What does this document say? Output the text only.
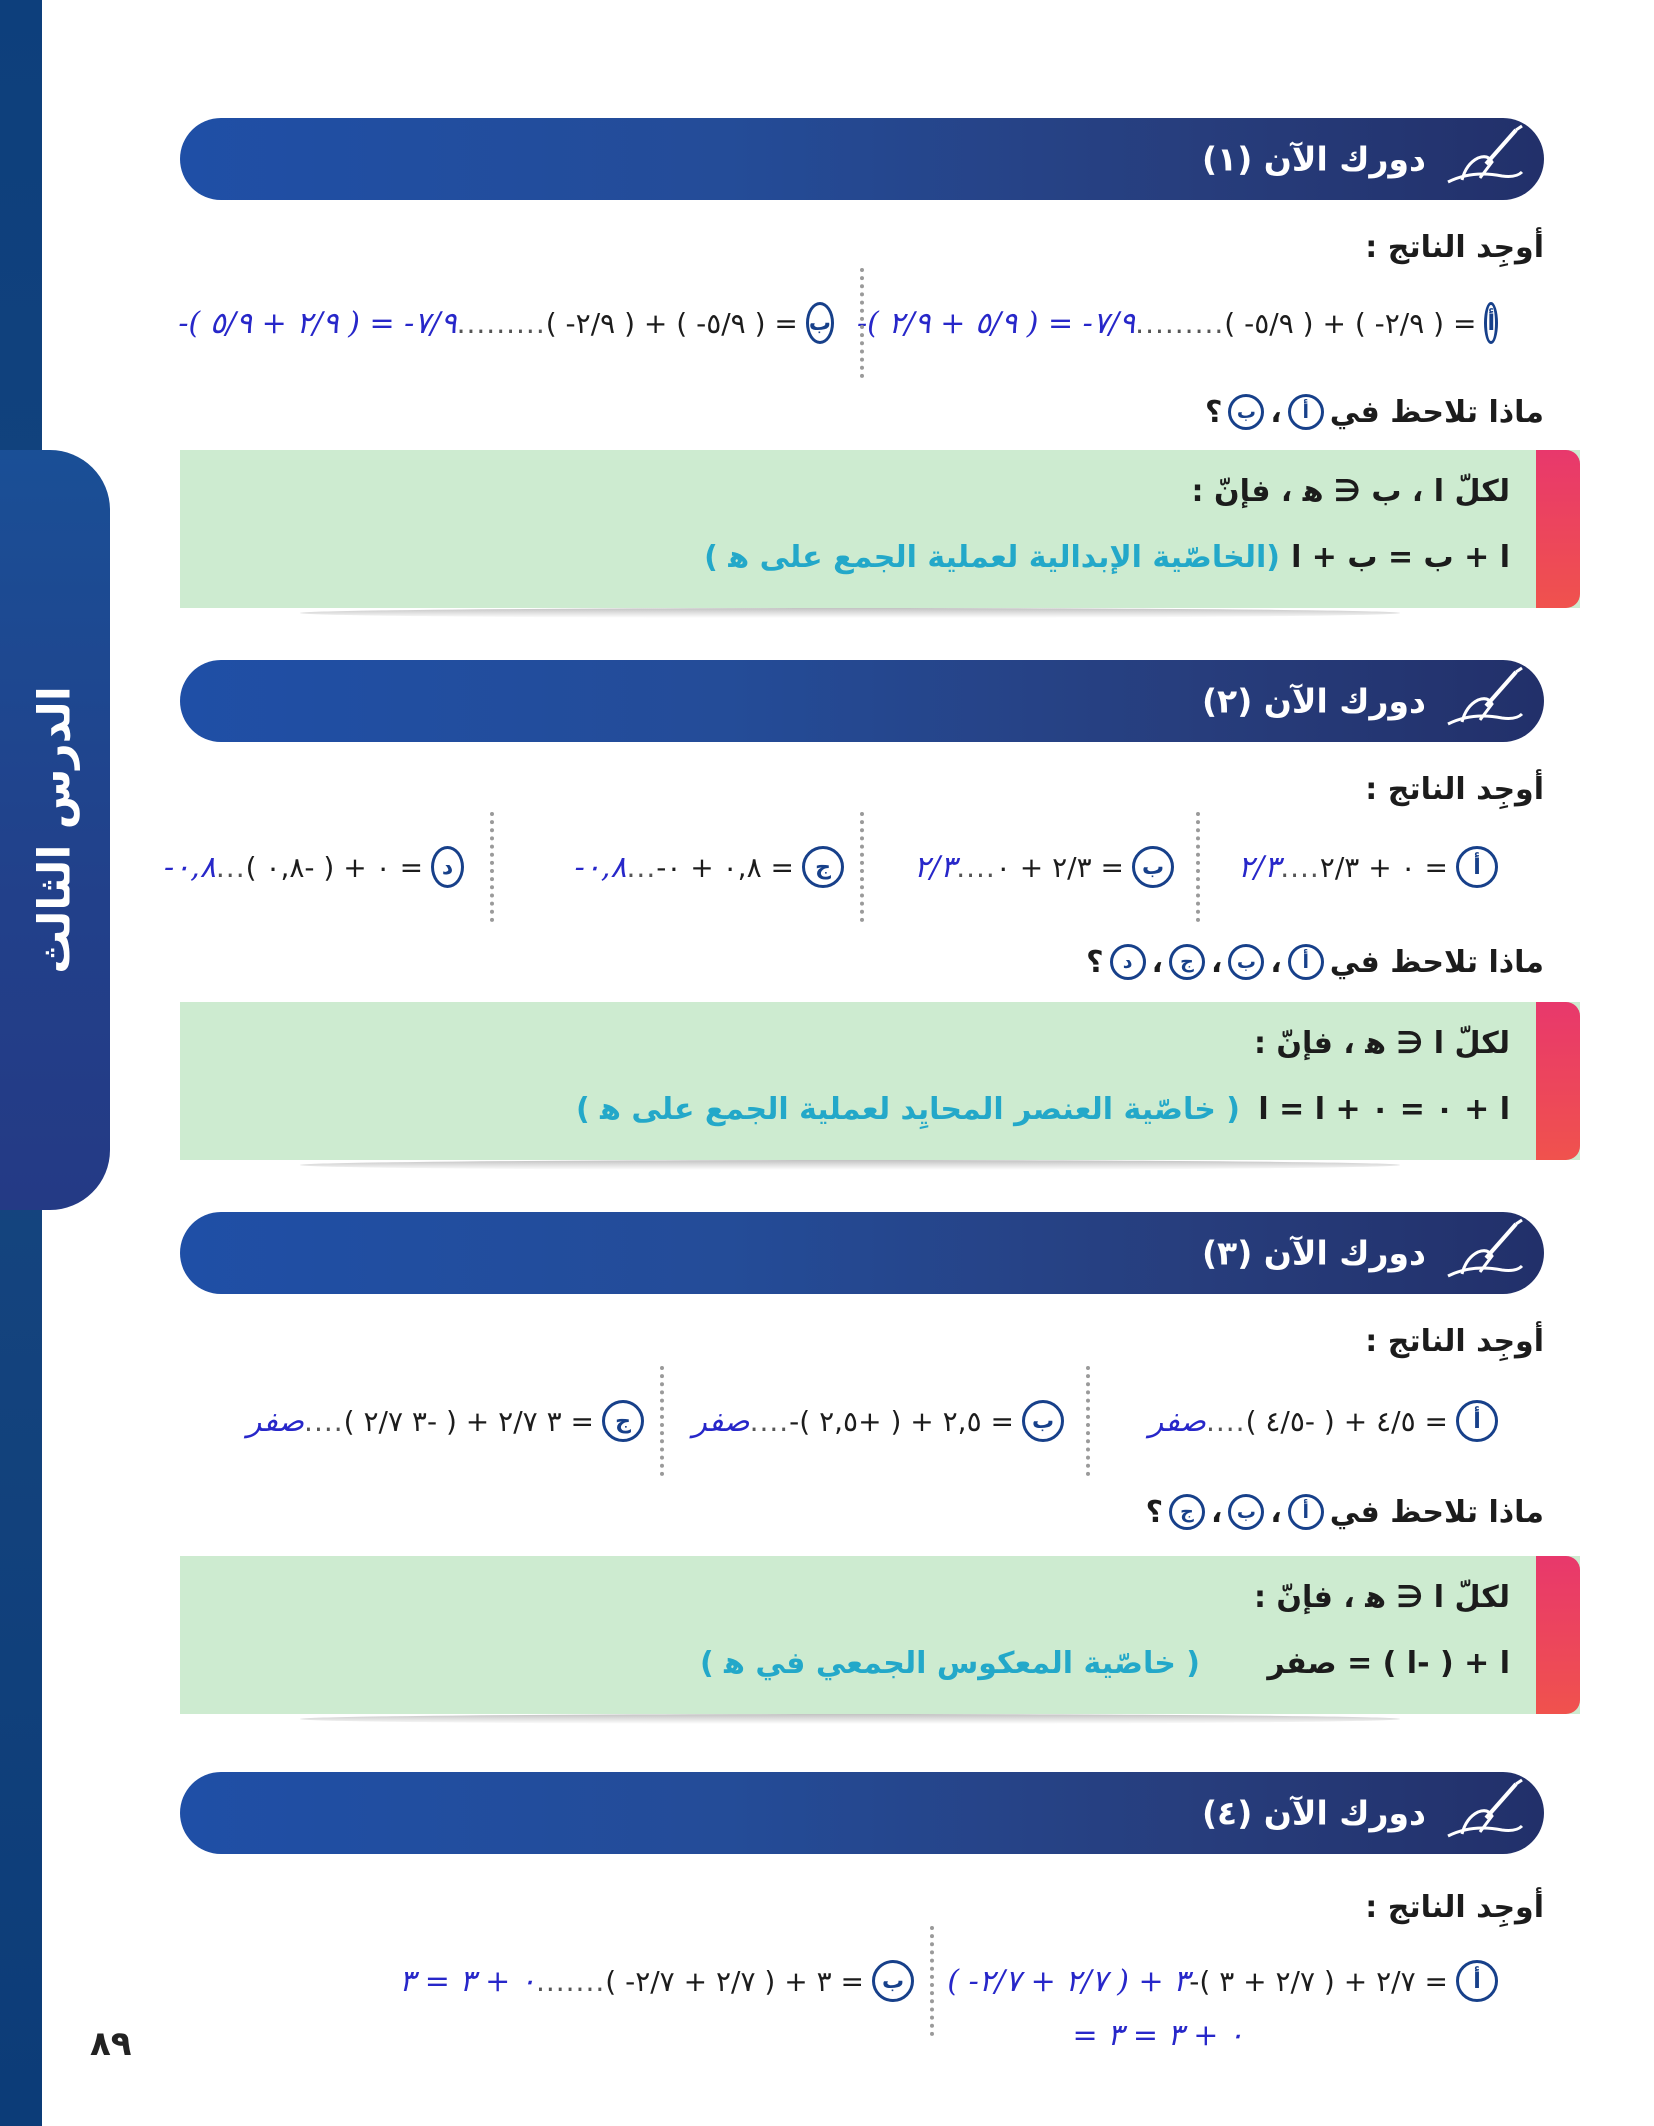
الدرس الثالث
٨٩
دورك الآن (١)
أوجِد الناتج :
-( ٥/٩ + ٢/٩ ) = -٧/٩ ......... ( -٥/٩ ) + ( -٢/٩ ) = أ
-( ٢/٩ + ٥/٩ ) = -٧/٩ ......... ( -٢/٩ ) + ( -٥/٩ ) = ب
ماذا تلاحظ في
أ
،
ب
؟
لكلّ ا ، ب ∈ ﻫ ، فإنّ :
ا + ب = ب + ا
(الخاصّية الإبدالية لعملية الجمع على ﻫ )
دورك الآن (٢)
أوجِد الناتج :
٢/٣ .... ٠ + ٢/٣ =	أ
٢/٣ .... ٢/٣ + ٠ = ب
-٠,٨ ... -٠,٨ + ٠ = ج
-٠,٨ ... ٠ + ( -٠,٨ ) = د
ماذا تلاحظ في
أ
،
ب
،
ج
،
د
؟
لكلّ ا ∈ ﻫ ، فإنّ :
ا + ٠ = ٠ + ا = ا
( خاصّية العنصر المحايِد لعملية الجمع على ﻫ )
دورك الآن (٣)
أوجِد الناتج :
صفر .... ٤/٥ + ( -٤/٥ ) =	أ
صفر .... -٢,٥ + ( +٢,٥ ) = ب
صفر .... ٣ ٢/٧ + ( -٣ ٢/٧ ) = ج
ماذا تلاحظ في
أ
،
ب
،
ج
؟
لكلّ ا ∈ ﻫ ، فإنّ :
ا + ( -ا ) = صفر
( خاصّية المعكوس الجمعي في ﻫ )
دورك الآن (٤)
أوجِد الناتج :
( -٢/٧ + ٢/٧ ) + ٣ -٢/٧ + ( ٢/٧ + ٣ ) =	أ
= ٠ + ٣ = ٣
٠ + ٣ = ٣ ....... ( -٢/٧ + ٢/٧ ) + ٣ = ب
